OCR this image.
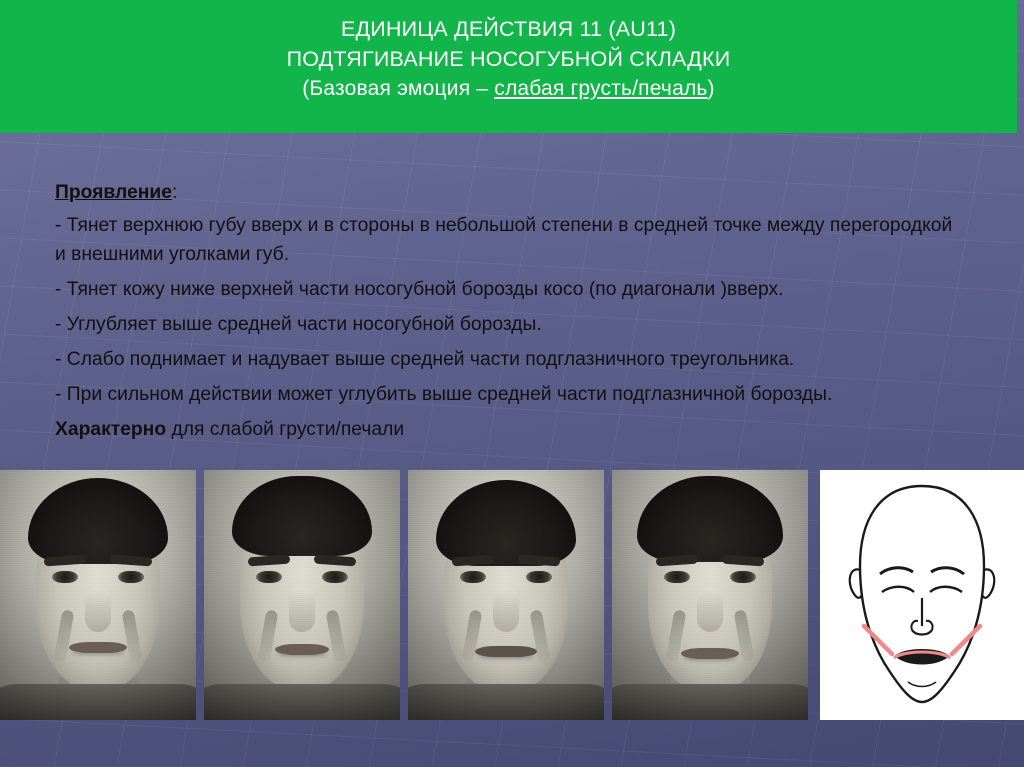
ЕДИНИЦА ДЕЙСТВИЯ 11 (AU11)
ПОДТЯГИВАНИЕ НОСОГУБНОЙ СКЛАДКИ
(Базовая эмоция – слабая грусть/печаль)

Проявление:

- Тянет верхнюю губу вверх и в стороны в небольшой степени в средней точке между перегородкой и внешними уголками губ.

- Тянет кожу ниже верхней части носогубной борозды косо (по диагонали )вверх.

- Углубляет выше средней части носогубной борозды.

- Слабо поднимает и надувает выше средней части подглазничного треугольника.

- При сильном действии может углубить выше средней части подглазничной борозды.

Характерно для слабой грусти/печали
